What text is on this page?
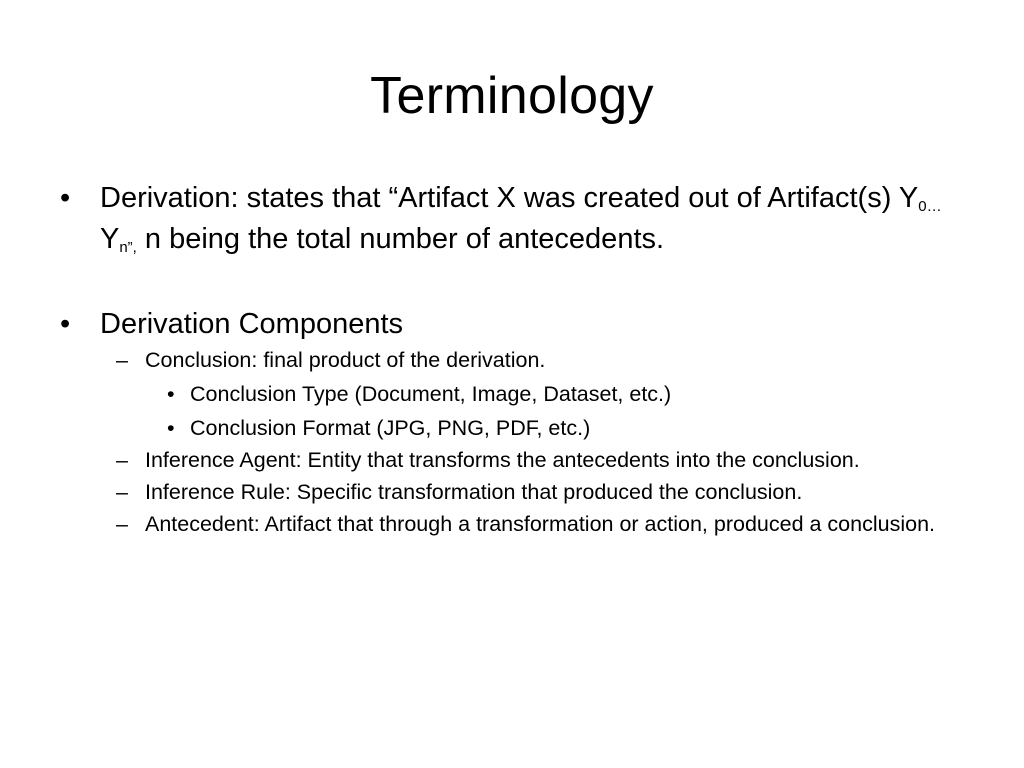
Terminology
• Derivation: states that “Artifact X was created out of Artifact(s) Y0…Yn”, n being the total number of antecedents.
• Derivation Components
– Conclusion: final product of the derivation.
• Conclusion Type (Document, Image, Dataset, etc.)
• Conclusion Format (JPG, PNG, PDF, etc.)
– Inference Agent: Entity that transforms the antecedents into the conclusion.
– Inference Rule: Specific transformation that produced the conclusion.
– Antecedent: Artifact that through a transformation or action, produced a conclusion.
